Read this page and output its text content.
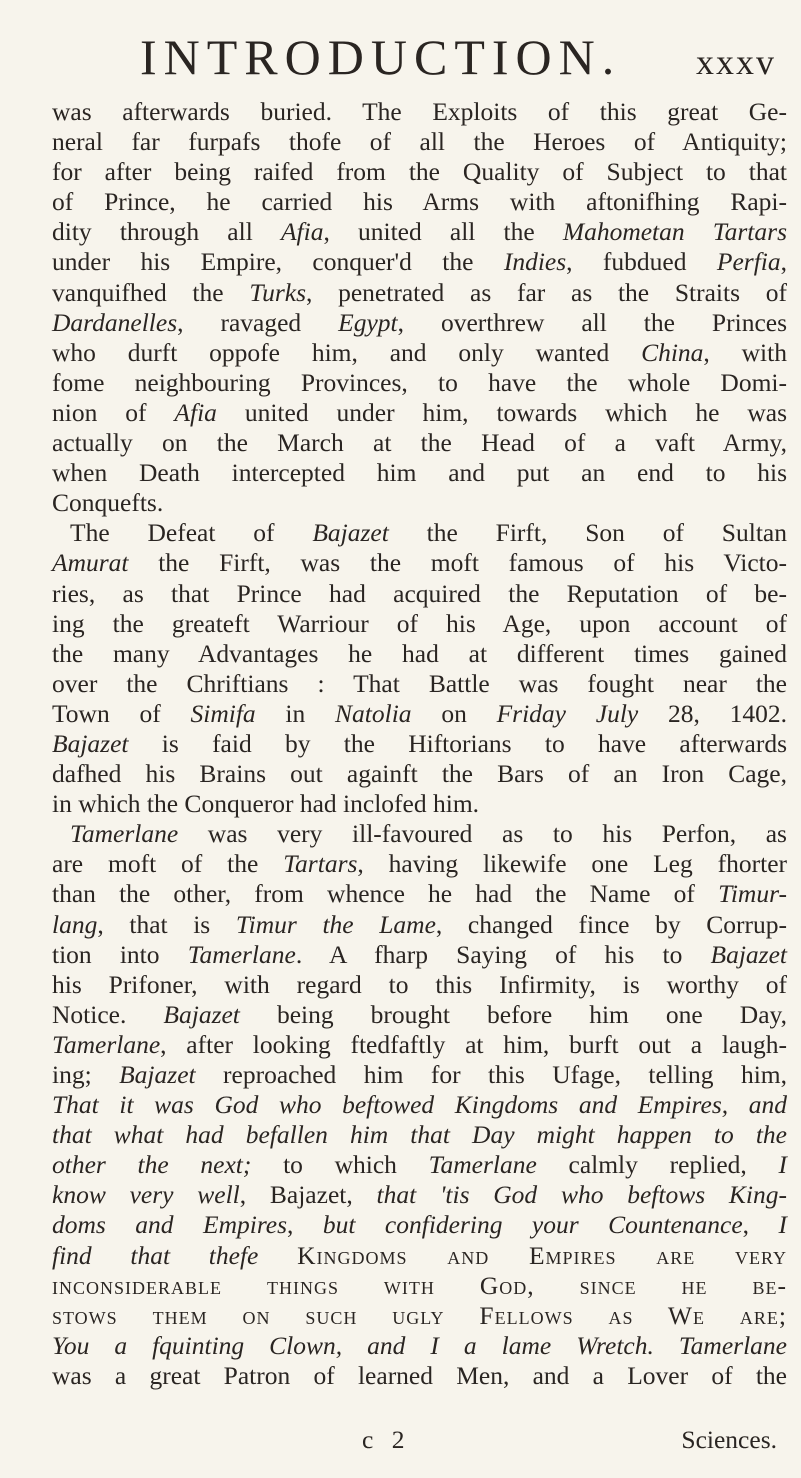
INTRODUCTION. xxxv
was afterwards buried. The Exploits of this great Ge-
neral far furpafs thofe of all the Heroes of Antiquity;
for after being raifed from the Quality of Subject to that
of Prince, he carried his Arms with aftonifhing Rapi-
dity through all Afia, united all the Mahometan Tartars
under his Empire, conquer'd the Indies, fubdued Perfia,
vanquifhed the Turks, penetrated as far as the Straits of
Dardanelles, ravaged Egypt, overthrew all the Princes
who durft oppofe him, and only wanted China, with
fome neighbouring Provinces, to have the whole Domi-
nion of Afia united under him, towards which he was
actually on the March at the Head of a vaft Army,
when Death intercepted him and put an end to his
Conquefts.
The Defeat of Bajazet the Firft, Son of Sultan
Amurat the Firft, was the moft famous of his Victo-
ries, as that Prince had acquired the Reputation of be-
ing the greateft Warriour of his Age, upon account of
the many Advantages he had at different times gained
over the Chriftians : That Battle was fought near the
Town of Simifa in Natolia on Friday July 28, 1402.
Bajazet is faid by the Hiftorians to have afterwards
dafhed his Brains out againft the Bars of an Iron Cage,
in which the Conqueror had inclofed him.
Tamerlane was very ill-favoured as to his Perfon, as
are moft of the Tartars, having likewife one Leg fhorter
than the other, from whence he had the Name of Timur-
lang, that is Timur the Lame, changed fince by Corrup-
tion into Tamerlane. A fharp Saying of his to Bajazet
his Prifoner, with regard to this Infirmity, is worthy of
Notice. Bajazet being brought before him one Day,
Tamerlane, after looking ftedfaftly at him, burft out a laugh-
ing; Bajazet reproached him for this Ufage, telling him,
That it was God who beftowed Kingdoms and Empires, and
that what had befallen him that Day might happen to the
other the next; to which Tamerlane calmly replied, I
know very well, Bajazet, that 'tis God who beftows King-
doms and Empires, but confidering your Countenance, I
find that thefe Kingdoms and Empires are very
inconsiderable things with God, since he be-
stows them on such ugly Fellows as We are;
You a fquinting Clown, and I a lame Wretch. Tamerlane
was a great Patron of learned Men, and a Lover of the
c 2	Sciences.
